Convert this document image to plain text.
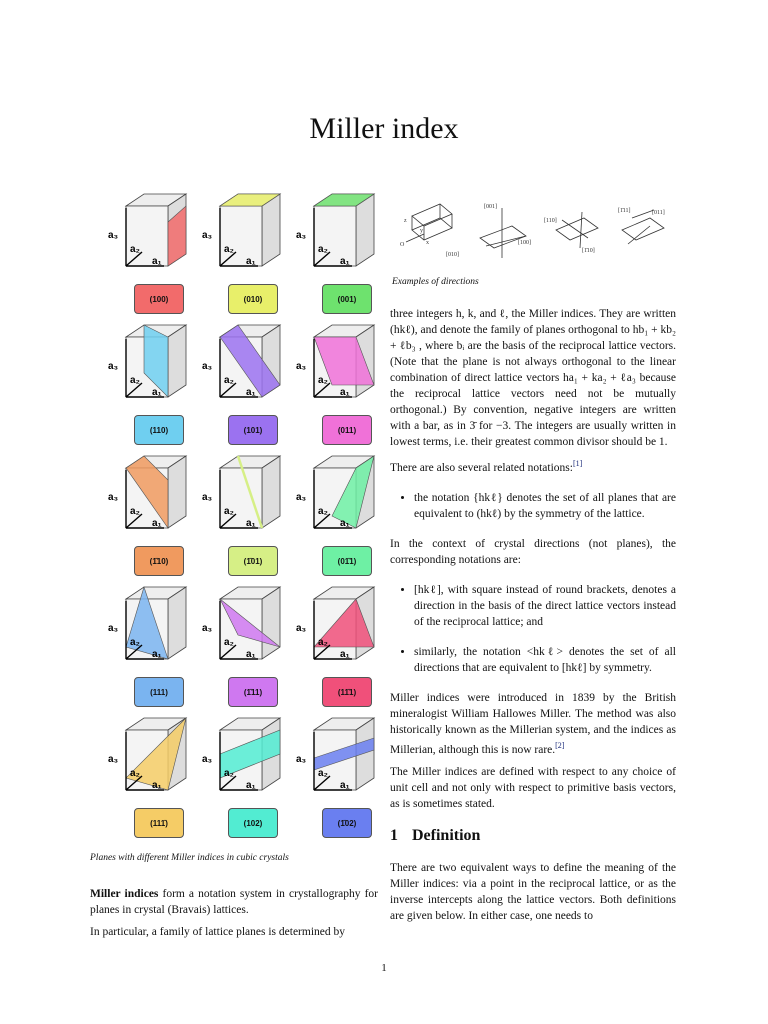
Miller index
a₃
a₂
a₁
(100)
a₃
a₂
a₁
(010)
a₃
a₂
a₁
(001)
a₃
a₂
a₁
(110)
a₃
a₂
a₁
(101)
a₃
a₂
a₁
(011)
a₃
a₂
a₁
(1̄10)
a₃
a₂
a₁
(1̄01)
a₃
a₂
a₁
(01̄1)
a₃
a₂
a₁
(111)
a₃
a₂
a₁
(1̄11)
a₃
a₂
a₁
(11̄1)
a₃
a₂
a₁
(111̄)
a₃
a₂
a₁
(102)
a₃
a₂
a₁
(1̄02)
Planes with different Miller indices in cubic crystals
[001]
[110]
[100]
[010]
[1̄11]	[011]
[1̄10]
z
y
x
O
Examples of directions

three integers h, k, and ℓ, the Miller indices. They are written (hkℓ), and denote the family of planes orthogonal to hb₁ + kb₂ + ℓb₃ , where bᵢ are the basis of the reciprocal lattice vectors. (Note that the plane is not always orthogonal to the linear combination of direct lattice vectors ha₁ + ka₂ + ℓa₃ because the reciprocal lattice vectors need not be mutually orthogonal.) By convention, negative integers are written with a bar, as in 3̄ for −3. The integers are usually written in lowest terms, i.e. their greatest common divisor should be 1.

There are also several related notations:[1]

• the notation {hkℓ} denotes the set of all planes that are equivalent to (hkℓ) by the symmetry of the lattice.

In the context of crystal directions (not planes), the corresponding notations are:

• [hkℓ], with square instead of round brackets, denotes a direction in the basis of the direct lattice vectors instead of the reciprocal lattice; and
• similarly, the notation <hkℓ> denotes the set of all directions that are equivalent to [hkℓ] by symmetry.

Miller indices were introduced in 1839 by the British mineralogist William Hallowes Miller. The method was also historically known as the Millerian system, and the indices as Millerian, although this is now rare.[2]

The Miller indices are defined with respect to any choice of unit cell and not only with respect to primitive basis vectors, as is sometimes stated.

1 Definition

There are two equivalent ways to define the meaning of the Miller indices: via a point in the reciprocal lattice, or as the inverse intercepts along the lattice vectors. Both definitions are given below. In either case, one needs to

Miller indices form a notation system in crystallography for planes in crystal (Bravais) lattices.

In particular, a family of lattice planes is determined by

1
